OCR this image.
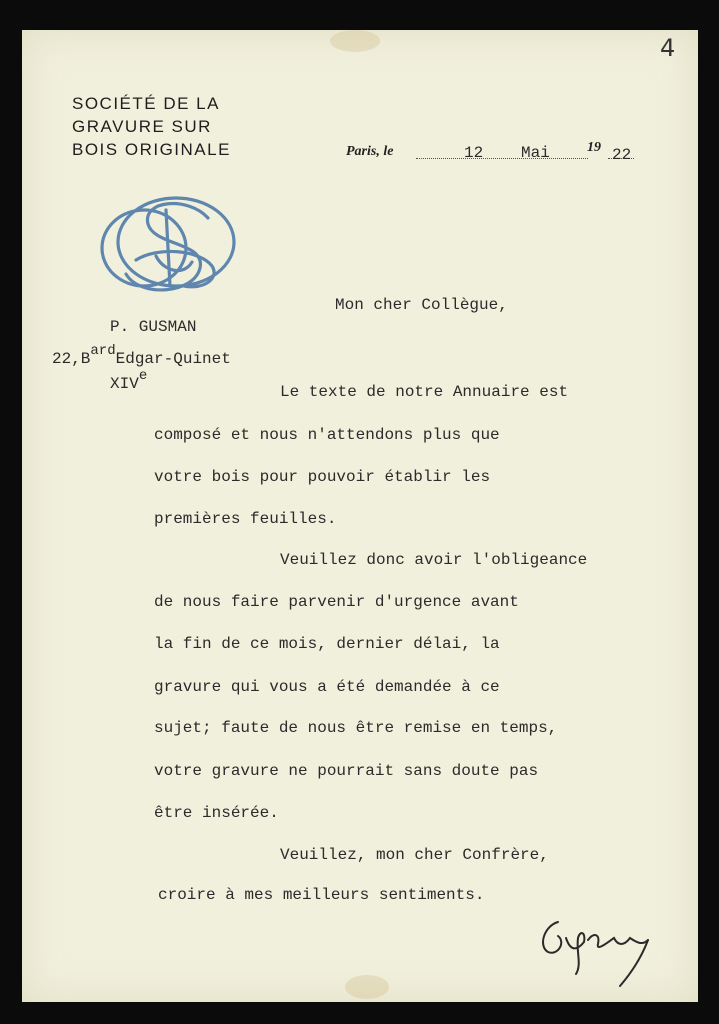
4
SOCIÉTÉ DE LA
GRAVURE SUR
BOIS ORIGINALE	Paris, le	12 Mai	19 22
P. GUSMAN
$22,B^{ard}Edgar$-Quinet
XIVe
Mon cher Collègue,
Le texte de notre Annuaire est
composé et nous n'attendons plus que
votre bois pour pouvoir établir les
premières feuilles.
Veuillez donc avoir l'obligeance
de nous faire parvenir d'urgence avant
la fin de ce mois, dernier délai, la
gravure qui vous a été demandée à ce
sujet; faute de nous être remise en temps,
votre gravure ne pourrait sans doute pas
être insérée.
Veuillez, mon cher Confrère,
croire à mes meilleurs sentiments.
